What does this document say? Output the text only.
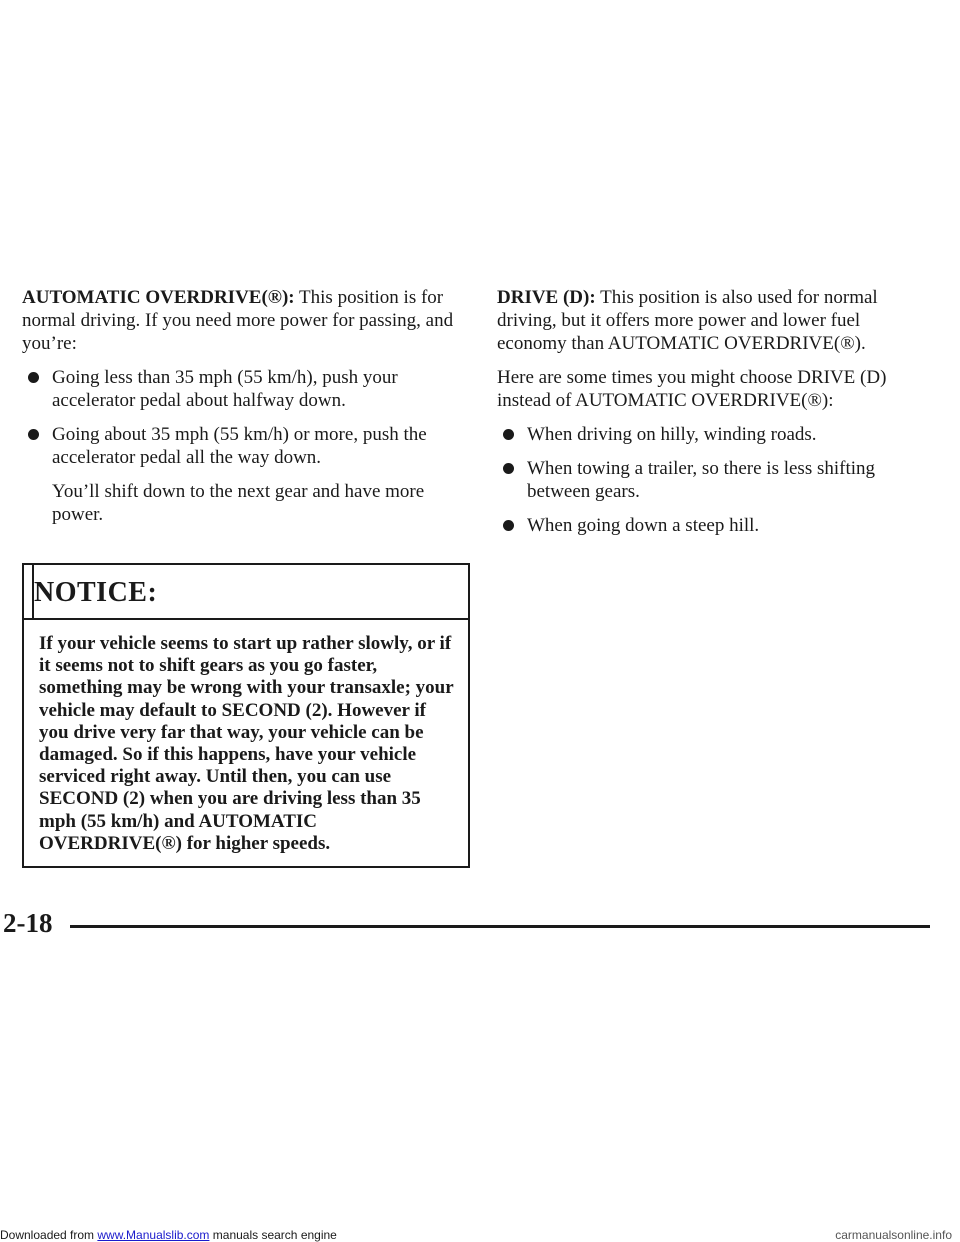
AUTOMATIC OVERDRIVE(®): This position is for normal driving. If you need more power for passing, and you’re:

Going less than 35 mph (55 km/h), push your accelerator pedal about halfway down.
Going about 35 mph (55 km/h) or more, push the accelerator pedal all the way down.

You’ll shift down to the next gear and have more power.

NOTICE:
If your vehicle seems to start up rather slowly, or if it seems not to shift gears as you go faster, something may be wrong with your transaxle; your vehicle may default to SECOND (2). However if you drive very far that way, your vehicle can be damaged. So if this happens, have your vehicle serviced right away. Until then, you can use SECOND (2) when you are driving less than 35 mph (55 km/h) and AUTOMATIC OVERDRIVE(®) for higher speeds.

DRIVE (D): This position is also used for normal driving, but it offers more power and lower fuel economy than AUTOMATIC OVERDRIVE(®).

Here are some times you might choose DRIVE (D) instead of AUTOMATIC OVERDRIVE(®):

When driving on hilly, winding roads.
When towing a trailer, so there is less shifting between gears.
When going down a steep hill.
2-18
Downloaded from www.Manualslib.com manuals search engine	carmanualsonline.info
